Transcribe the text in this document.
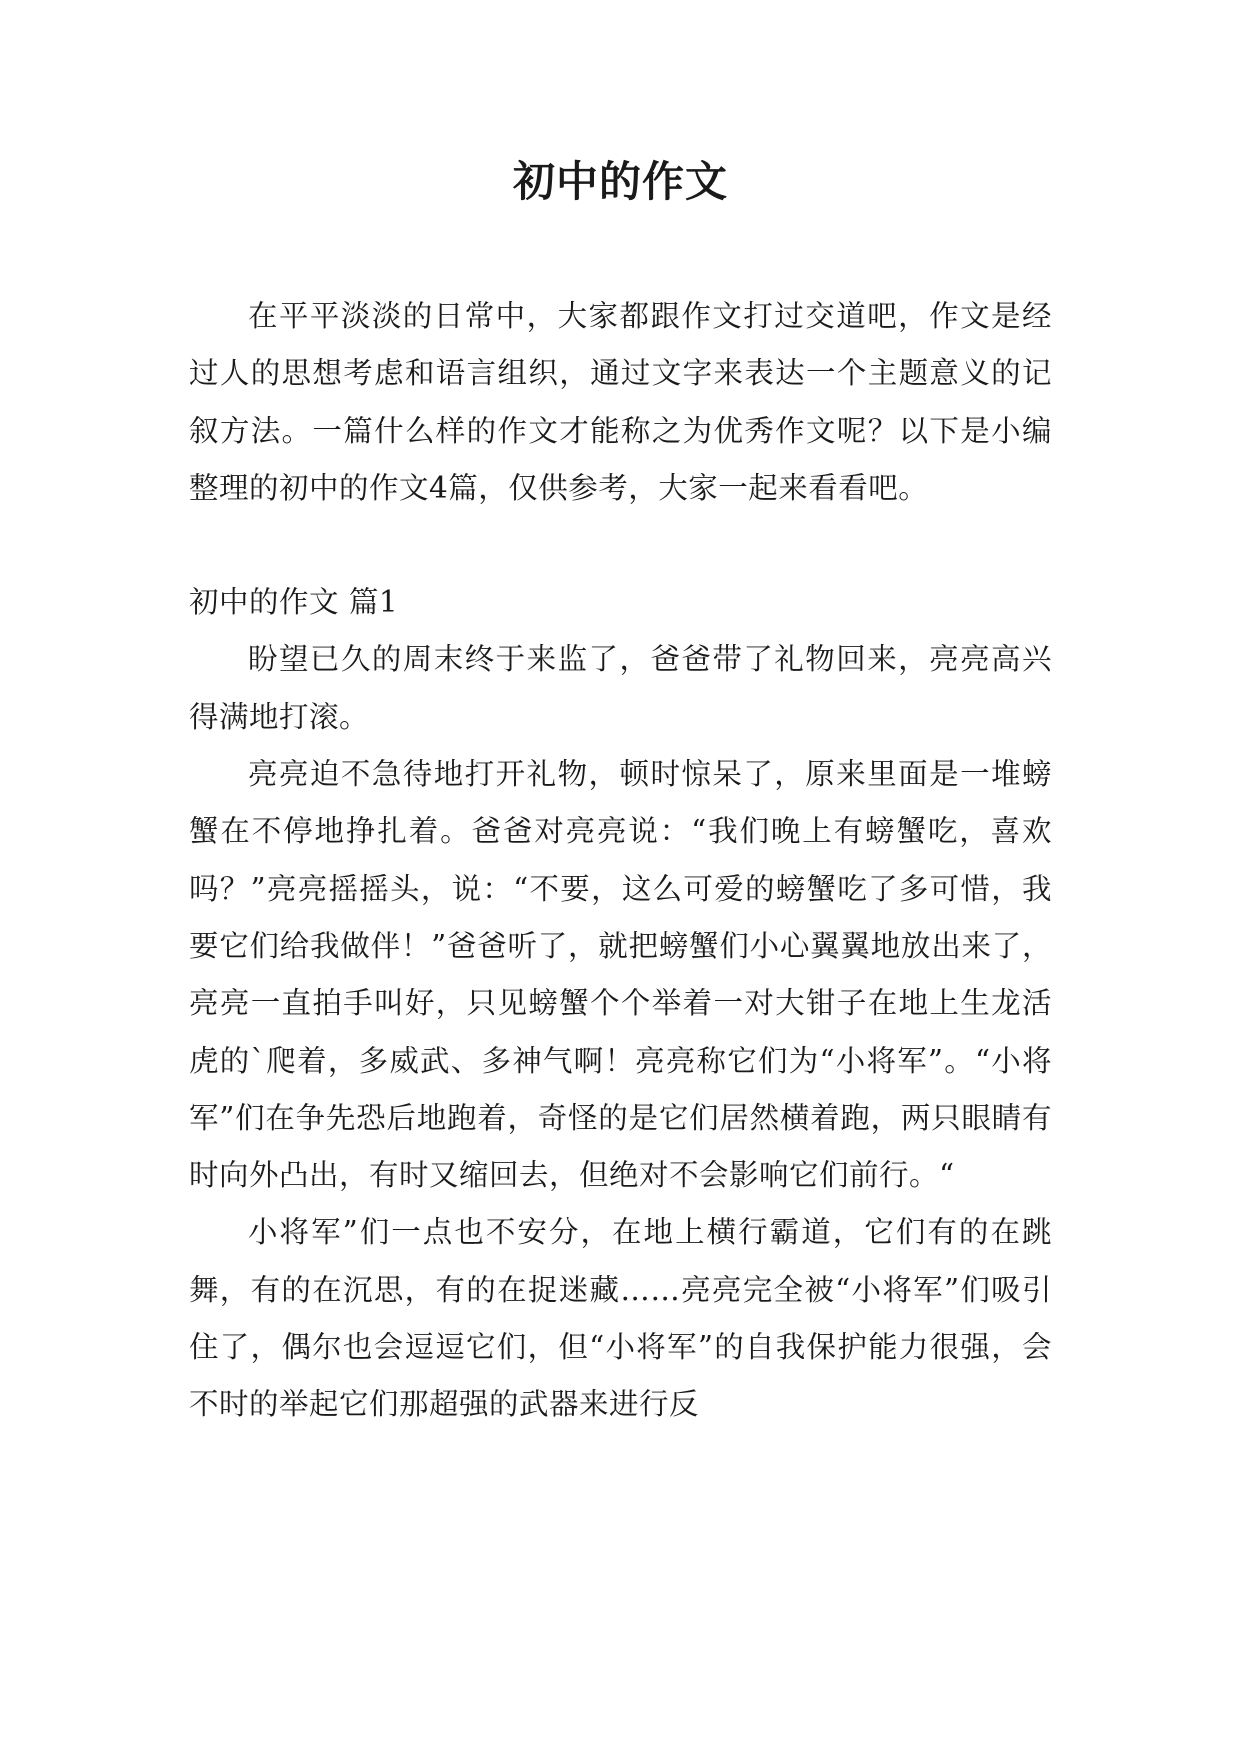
初中的作文

在平平淡淡的日常中，大家都跟作文打过交道吧，作文是经过人的思想考虑和语言组织，通过文字来表达一个主题意义的记叙方法。一篇什么样的作文才能称之为优秀作文呢？以下是小编整理的初中的作文4篇，仅供参考，大家一起来看看吧。

初中的作文 篇1

盼望已久的周末终于来监了，爸爸带了礼物回来，亮亮高兴得满地打滚。

亮亮迫不急待地打开礼物，顿时惊呆了，原来里面是一堆螃蟹在不停地挣扎着。爸爸对亮亮说：“我们晚上有螃蟹吃，喜欢吗？”亮亮摇摇头，说：“不要，这么可爱的螃蟹吃了多可惜，我要它们给我做伴！”爸爸听了，就把螃蟹们小心翼翼地放出来了，亮亮一直拍手叫好，只见螃蟹个个举着一对大钳子在地上生龙活虎的`爬着，多威武、多神气啊！亮亮称它们为“小将军”。“小将军”们在争先恐后地跑着，奇怪的是它们居然横着跑，两只眼睛有时向外凸出，有时又缩回去，但绝对不会影响它们前行。“

小将军”们一点也不安分，在地上横行霸道，它们有的在跳舞，有的在沉思，有的在捉迷藏……亮亮完全被“小将军”们吸引住了，偶尔也会逗逗它们，但“小将军”的自我保护能力很强，会不时的举起它们那超强的武器来进行反
